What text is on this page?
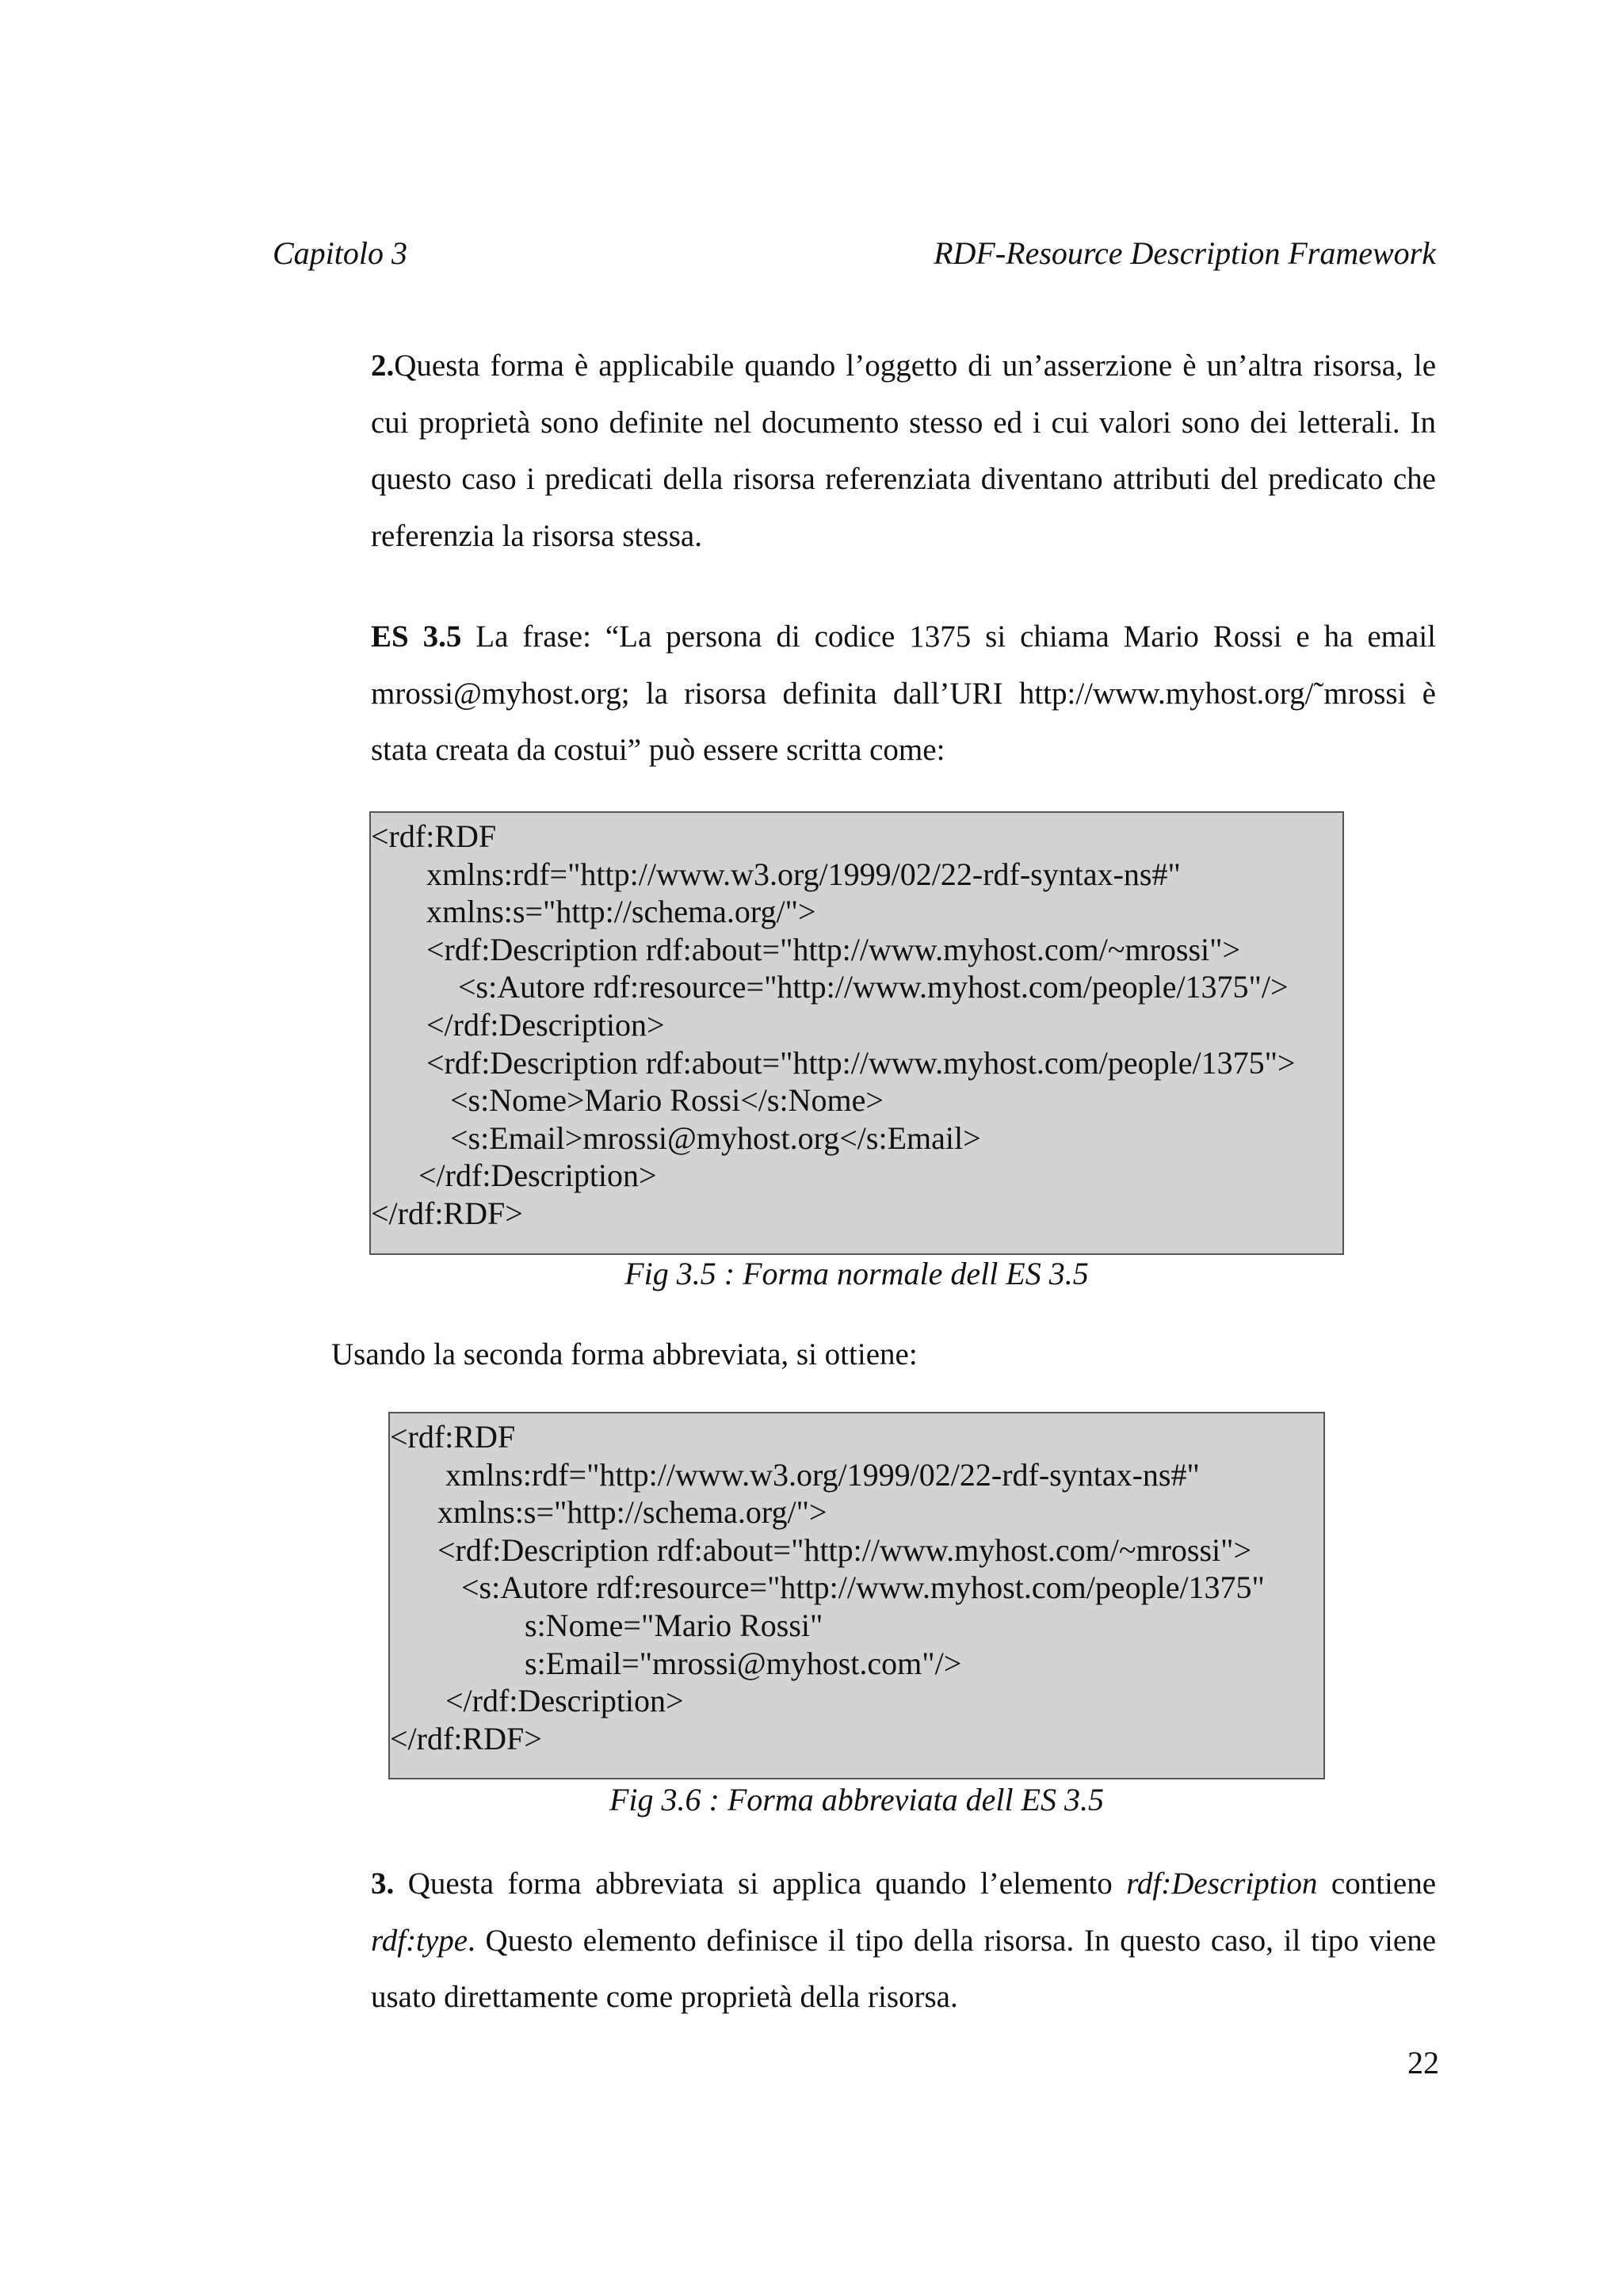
Capitolo 3	RDF-Resource Description Framework

2.Questa forma è applicabile quando l’oggetto di un’asserzione è un’altra risorsa, le cui proprietà sono definite nel documento stesso ed i cui valori sono dei letterali. In questo caso i predicati della risorsa referenziata diventano attributi del predicato che referenzia la risorsa stessa.

ES 3.5 La frase: “La persona di codice 1375 si chiama Mario Rossi e ha email mrossi@myhost.org; la risorsa definita dall’URI http://www.myhost.org/˜mrossi è stata creata da costui” può essere scritta come:

<rdf:RDF
xmlns:rdf="http://www.w3.org/1999/02/22-rdf-syntax-ns#"
xmlns:s="http://schema.org/">
<rdf:Description rdf:about="http://www.myhost.com/~mrossi">
<s:Autore rdf:resource="http://www.myhost.com/people/1375"/>
</rdf:Description>
<rdf:Description rdf:about="http://www.myhost.com/people/1375">
<s:Nome>Mario Rossi</s:Nome>
<s:Email>mrossi@myhost.org</s:Email>
</rdf:Description>
</rdf:RDF>
Fig 3.5 : Forma normale dell ES 3.5
Usando la seconda forma abbreviata, si ottiene:
<rdf:RDF
xmlns:rdf="http://www.w3.org/1999/02/22-rdf-syntax-ns#"
xmlns:s="http://schema.org/">
<rdf:Description rdf:about="http://www.myhost.com/~mrossi">
<s:Autore rdf:resource="http://www.myhost.com/people/1375"
s:Nome="Mario Rossi"
s:Email="mrossi@myhost.com"/>
</rdf:Description>
</rdf:RDF>
Fig 3.6 : Forma abbreviata dell ES 3.5

3. Questa forma abbreviata si applica quando l’elemento rdf:Description contiene rdf:type. Questo elemento definisce il tipo della risorsa. In questo caso, il tipo viene usato direttamente come proprietà della risorsa.

22
